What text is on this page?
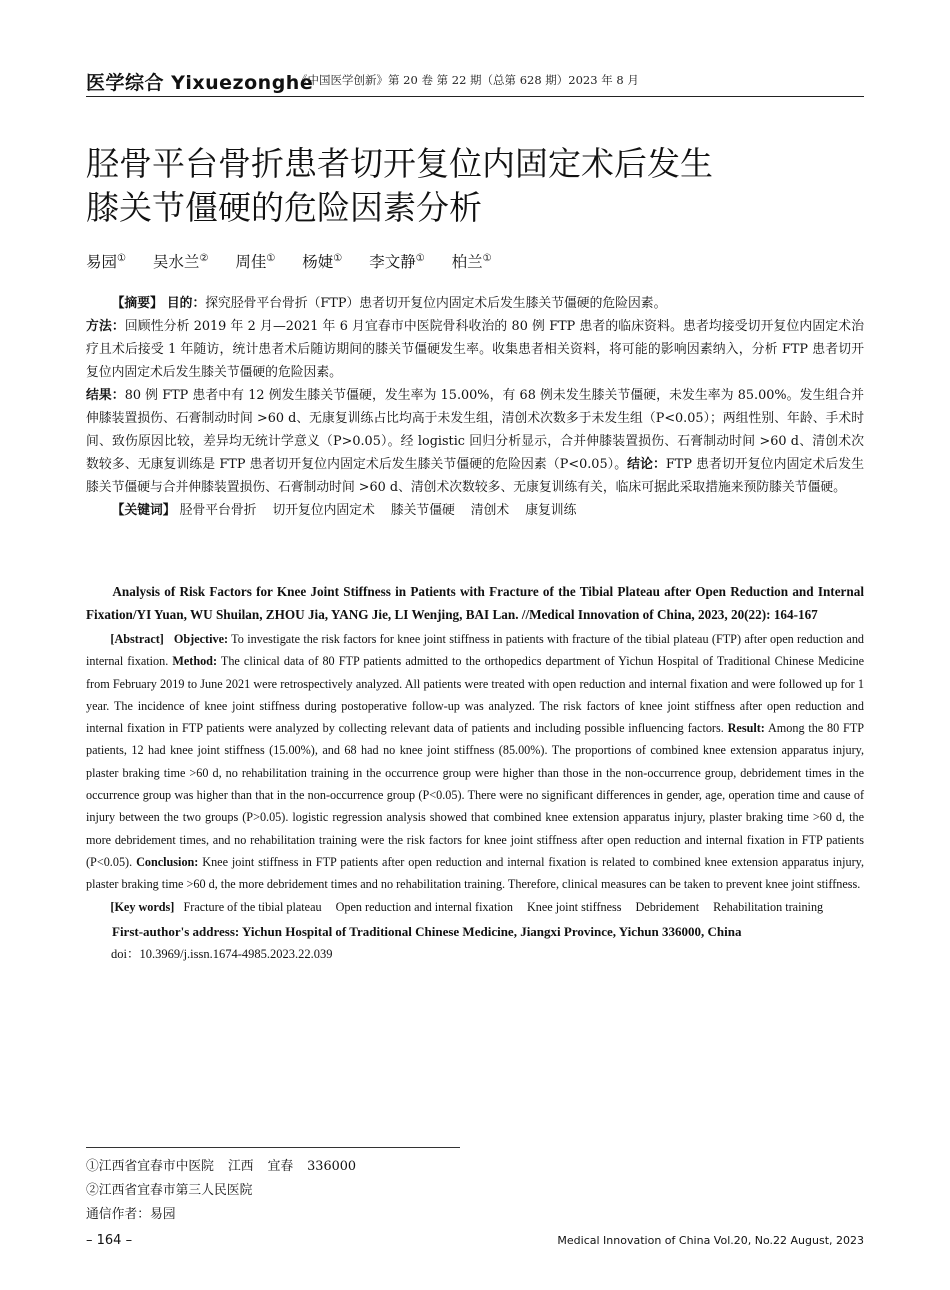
医学综合 Yixuezonghe
《中国医学创新》第 20 卷 第 22 期（总第 628 期）2023 年 8 月
胫骨平台骨折患者切开复位内固定术后发生
膝关节僵硬的危险因素分析
易园① 吴水兰② 周佳① 杨婕① 李文静① 柏兰①

【摘要】 目的：探究胫骨平台骨折（FTP）患者切开复位内固定术后发生膝关节僵硬的危险因素。

方法：回顾性分析 2019 年 2 月—2021 年 6 月宜春市中医院骨科收治的 80 例 FTP 患者的临床资料。患者均接受切开复位内固定术治疗且术后接受 1 年随访，统计患者术后随访期间的膝关节僵硬发生率。收集患者相关资料，将可能的影响因素纳入，分析 FTP 患者切开复位内固定术后发生膝关节僵硬的危险因素。

结果：80 例 FTP 患者中有 12 例发生膝关节僵硬，发生率为 15.00%，有 68 例未发生膝关节僵硬，未发生率为 85.00%。发生组合并伸膝装置损伤、石膏制动时间 >60 d、无康复训练占比均高于未发生组，清创术次数多于未发生组（P<0.05）；两组性别、年龄、手术时间、致伤原因比较，差异均无统计学意义（P>0.05）。经 logistic 回归分析显示，合并伸膝装置损伤、石膏制动时间 >60 d、清创术次数较多、无康复训练是 FTP 患者切开复位内固定术后发生膝关节僵硬的危险因素（P<0.05）。结论：FTP 患者切开复位内固定术后发生膝关节僵硬与合并伸膝装置损伤、石膏制动时间 >60 d、清创术次数较多、无康复训练有关，临床可据此采取措施来预防膝关节僵硬。

【关键词】 胫骨平台骨折 切开复位内固定术 膝关节僵硬 清创术 康复训练

Analysis of Risk Factors for Knee Joint Stiffness in Patients with Fracture of the Tibial Plateau after Open Reduction and Internal Fixation/YI Yuan, WU Shuilan, ZHOU Jia, YANG Jie, LI Wenjing, BAI Lan. //Medical Innovation of China, 2023, 20(22): 164-167

[Abstract] Objective: To investigate the risk factors for knee joint stiffness in patients with fracture of the tibial plateau (FTP) after open reduction and internal fixation. Method: The clinical data of 80 FTP patients admitted to the orthopedics department of Yichun Hospital of Traditional Chinese Medicine from February 2019 to June 2021 were retrospectively analyzed. All patients were treated with open reduction and internal fixation and were followed up for 1 year. The incidence of knee joint stiffness during postoperative follow-up was analyzed. The risk factors of knee joint stiffness after open reduction and internal fixation in FTP patients were analyzed by collecting relevant data of patients and including possible influencing factors. Result: Among the 80 FTP patients, 12 had knee joint stiffness (15.00%), and 68 had no knee joint stiffness (85.00%). The proportions of combined knee extension apparatus injury, plaster braking time >60 d, no rehabilitation training in the occurrence group were higher than those in the non-occurrence group, debridement times in the occurrence group was higher than that in the non-occurrence group (P<0.05). There were no significant differences in gender, age, operation time and cause of injury between the two groups (P>0.05). logistic regression analysis showed that combined knee extension apparatus injury, plaster braking time >60 d, the more debridement times, and no rehabilitation training were the risk factors for knee joint stiffness after open reduction and internal fixation in FTP patients (P<0.05). Conclusion: Knee joint stiffness in FTP patients after open reduction and internal fixation is related to combined knee extension apparatus injury, plaster braking time >60 d, the more debridement times and no rehabilitation training. Therefore, clinical measures can be taken to prevent knee joint stiffness.

[Key words] Fracture of the tibial plateau Open reduction and internal fixation Knee joint stiffness Debridement Rehabilitation training

First-author's address: Yichun Hospital of Traditional Chinese Medicine, Jiangxi Province, Yichun 336000, China

doi：10.3969/j.issn.1674-4985.2023.22.039

①江西省宜春市中医院 江西 宜春 336000

②江西省宜春市第三人民医院

通信作者：易园

– 164 –	Medical Innovation of China Vol.20, No.22 August, 2023
